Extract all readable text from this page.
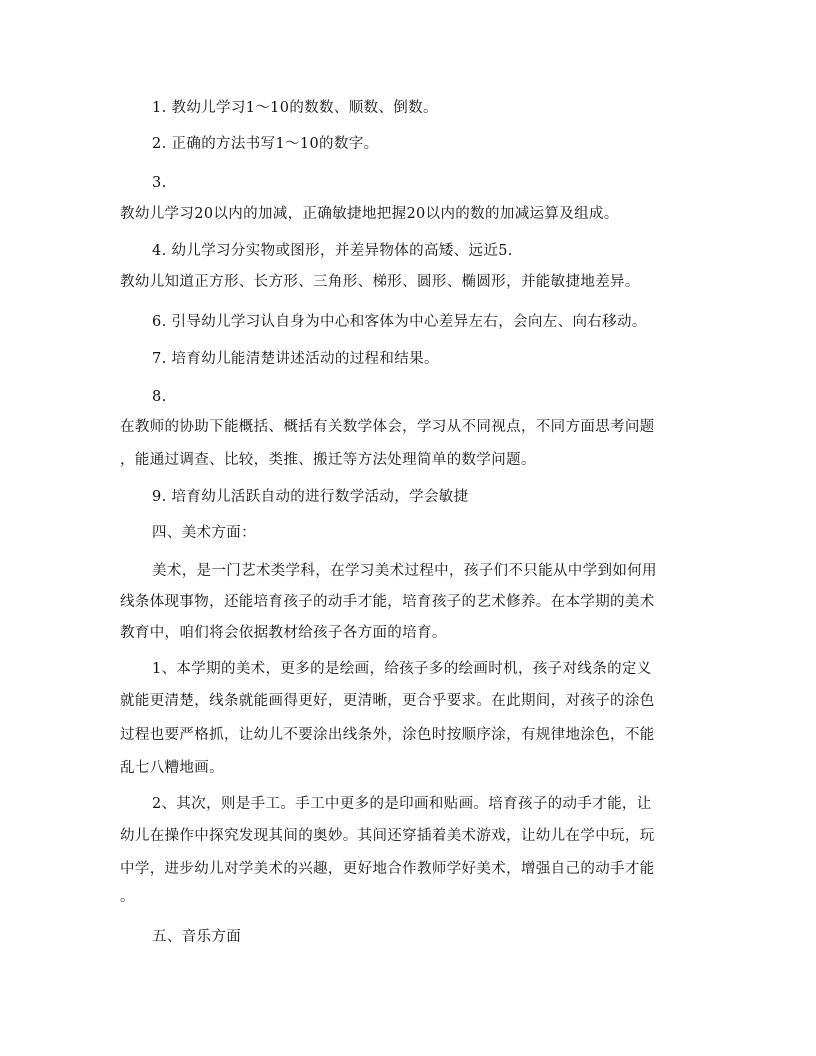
1. 教幼儿学习1～10的数数、顺数、倒数。
2. 正确的方法书写1～10的数字。
3.
教幼儿学习20以内的加减，正确敏捷地把握20以内的数的加减运算及组成。
4. 幼儿学习分实物或图形，并差异物体的高矮、远近5.
教幼儿知道正方形、长方形、三角形、梯形、圆形、椭圆形，并能敏捷地差异。
6. 引导幼儿学习认自身为中心和客体为中心差异左右，会向左、向右移动。
7. 培育幼儿能清楚讲述活动的过程和结果。
8.
在教师的协助下能概括、概括有关数学体会，学习从不同视点，不同方面思考问题
，能通过调查、比较，类推、搬迁等方法处理简单的数学问题。
9. 培育幼儿活跃自动的进行数学活动，学会敏捷
四、美术方面：
美术，是一门艺术类学科，在学习美术过程中，孩子们不只能从中学到如何用
线条体现事物，还能培育孩子的动手才能，培育孩子的艺术修养。在本学期的美术
教育中，咱们将会依据教材给孩子各方面的培育。
1、本学期的美术，更多的是绘画，给孩子多的绘画时机，孩子对线条的定义
就能更清楚，线条就能画得更好，更清晰，更合乎要求。在此期间，对孩子的涂色
过程也要严格抓，让幼儿不要涂出线条外，涂色时按顺序涂，有规律地涂色，不能
乱七八糟地画。
2、其次，则是手工。手工中更多的是印画和贴画。培育孩子的动手才能，让
幼儿在操作中探究发现其间的奥妙。其间还穿插着美术游戏，让幼儿在学中玩，玩
中学，进步幼儿对学美术的兴趣，更好地合作教师学好美术，增强自己的动手才能
。
五、音乐方面
